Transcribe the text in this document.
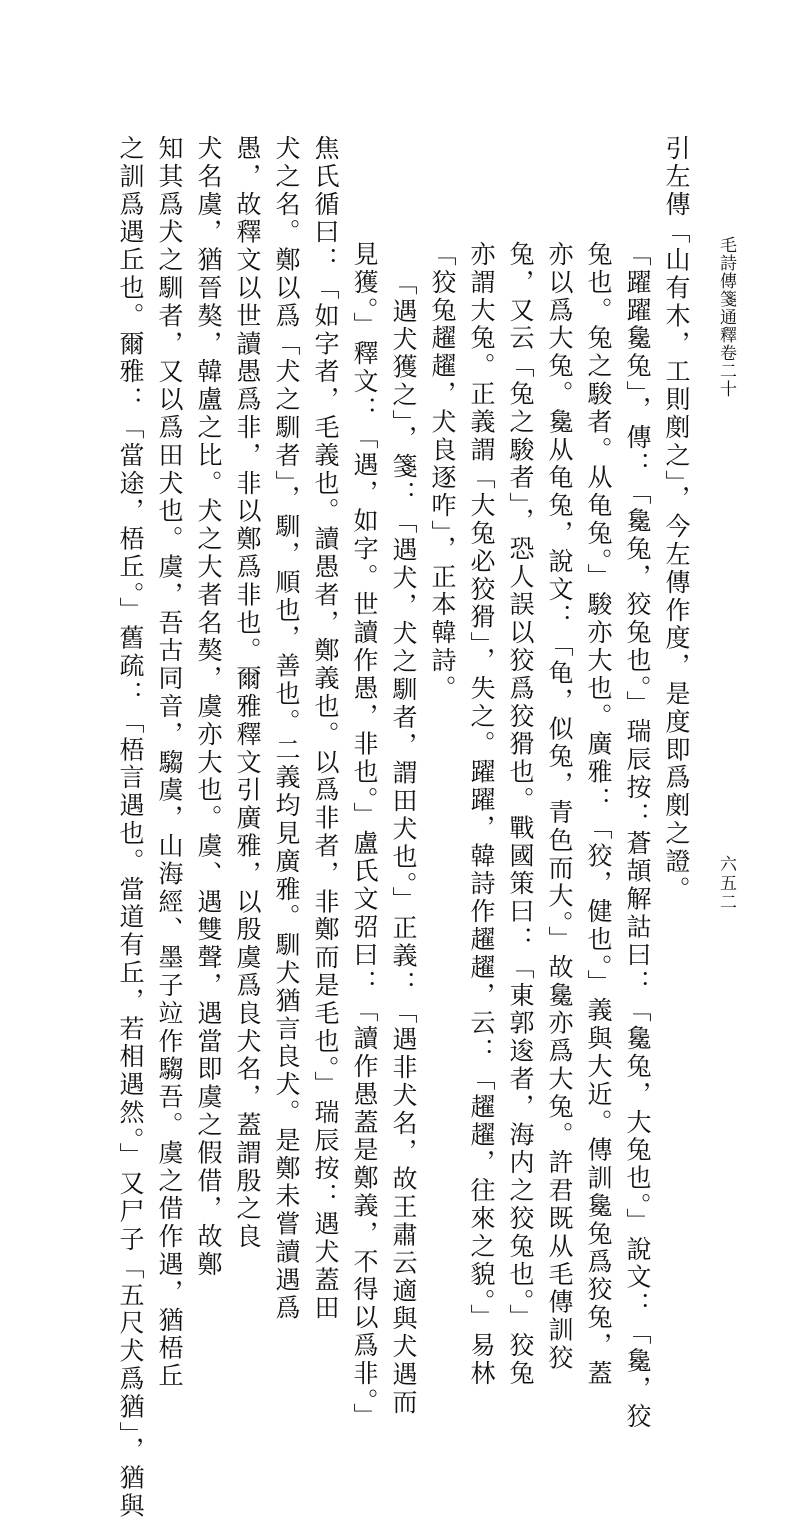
毛詩傳箋通釋卷二十
六五二
引左傳「山有木，工則剫之」，今左傳作度，是度即爲剫之證。
「躍躍毚兔」，傳：「毚兔，狡兔也。」瑞辰按：蒼頡解詁曰：「毚兔，大兔也。」說文：「毚，狡
兔也。兔之駿者。从龟兔。」駿亦大也。廣雅：「狡，健也。」義與大近。傳訓毚兔爲狡兔，蓋
亦以爲大兔。毚从龟兔，說文：「龟，似兔，青色而大。」故毚亦爲大兔。許君既从毛傳訓狡
兔，又云「兔之駿者」，恐人誤以狡爲狡猾也。戰國策曰：「東郭逡者，海内之狡兔也。」狡兔
亦謂大兔。正義謂「大兔必狡猾」，失之。躍躍，韓詩作趯趯，云：「趯趯，往來之貌。」易林
「狡兔趯趯，犬良逐咋」，正本韓詩。
「遇犬獲之」，箋：「遇犬，犬之馴者，謂田犬也。」正義：「遇非犬名，故王肅云適與犬遇而
見獲。」釋文：「遇，如字。世讀作愚，非也。」盧氏文弨曰：「讀作愚蓋是鄭義，不得以爲非。」
焦氏循曰：「如字者，毛義也。讀愚者，鄭義也。以爲非者，非鄭而是毛也。」瑞辰按：遇犬蓋田
犬之名。鄭以爲「犬之馴者」，馴，順也，善也。二義均見廣雅。馴犬猶言良犬。是鄭未嘗讀遇爲
愚，故釋文以世讀愚爲非，非以鄭爲非也。爾雅釋文引廣雅，以殷虞爲良犬名，蓋謂殷之良
犬名虞，猶晉獒，韓盧之比。犬之大者名獒，虞亦大也。虞、遇雙聲，遇當即虞之假借，故鄭
知其爲犬之馴者，又以爲田犬也。虞，吾古同音，騶虞，山海經、墨子竝作騶吾。虞之借作遇，猶梧丘
之訓爲遇丘也。爾雅：「當途，梧丘。」舊疏：「梧言遇也。當道有丘，若相遇然。」又尸子「五尺犬爲猶」，猶與
